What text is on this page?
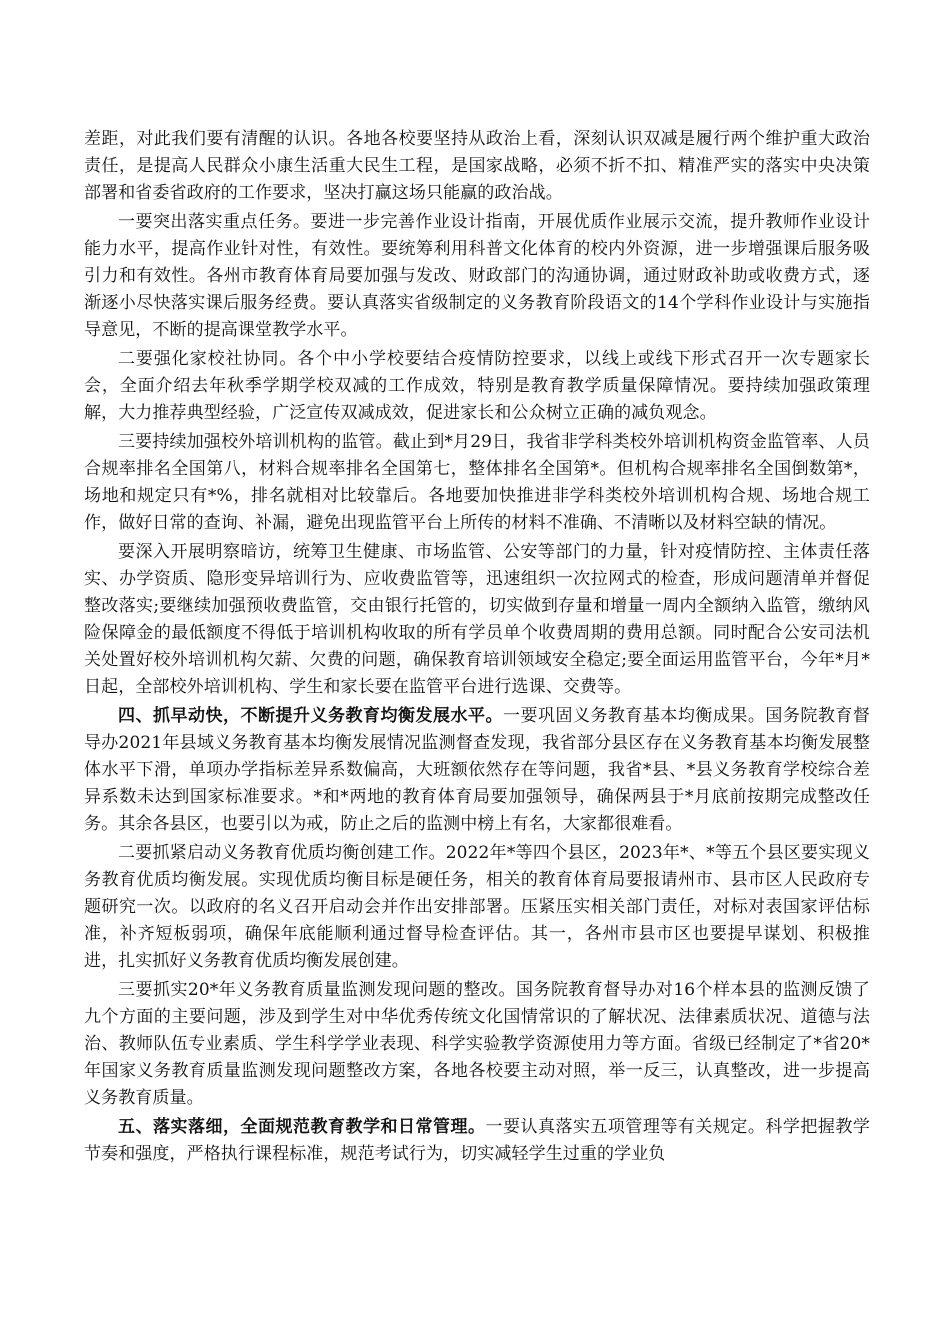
差距，对此我们要有清醒的认识。各地各校要坚持从政治上看，深刻认识双减是履行两个维护重大政治责任，是提高人民群众小康生活重大民生工程，是国家战略，必须不折不扣、精准严实的落实中央决策部署和省委省政府的工作要求，坚决打赢这场只能赢的政治战。

一要突出落实重点任务。要进一步完善作业设计指南，开展优质作业展示交流，提升教师作业设计能力水平，提高作业针对性，有效性。要统筹利用科普文化体育的校内外资源，进一步增强课后服务吸引力和有效性。各州市教育体育局要加强与发改、财政部门的沟通协调，通过财政补助或收费方式，逐渐逐小尽快落实课后服务经费。要认真落实省级制定的义务教育阶段语文的14个学科作业设计与实施指导意见，不断的提高课堂教学水平。

二要强化家校社协同。各个中小学校要结合疫情防控要求，以线上或线下形式召开一次专题家长会，全面介绍去年秋季学期学校双减的工作成效，特别是教育教学质量保障情况。要持续加强政策理解，大力推荐典型经验，广泛宣传双减成效，促进家长和公众树立正确的减负观念。

三要持续加强校外培训机构的监管。截止到*月29日，我省非学科类校外培训机构资金监管率、人员合规率排名全国第八，材料合规率排名全国第七，整体排名全国第*。但机构合规率排名全国倒数第*，场地和规定只有*%，排名就相对比较靠后。各地要加快推进非学科类校外培训机构合规、场地合规工作，做好日常的查询、补漏，避免出现监管平台上所传的材料不准确、不清晰以及材料空缺的情况。

要深入开展明察暗访，统筹卫生健康、市场监管、公安等部门的力量，针对疫情防控、主体责任落实、办学资质、隐形变异培训行为、应收费监管等，迅速组织一次拉网式的检查，形成问题清单并督促整改落实;要继续加强预收费监管，交由银行托管的，切实做到存量和增量一周内全额纳入监管，缴纳风险保障金的最低额度不得低于培训机构收取的所有学员单个收费周期的费用总额。同时配合公安司法机关处置好校外培训机构欠薪、欠费的问题，确保教育培训领域安全稳定;要全面运用监管平台，今年*月*日起，全部校外培训机构、学生和家长要在监管平台进行选课、交费等。

四、抓早动快，不断提升义务教育均衡发展水平。一要巩固义务教育基本均衡成果。国务院教育督导办2021年县域义务教育基本均衡发展情况监测督查发现，我省部分县区存在义务教育基本均衡发展整体水平下滑，单项办学指标差异系数偏高，大班额依然存在等问题，我省*县、*县义务教育学校综合差异系数未达到国家标准要求。*和*两地的教育体育局要加强领导，确保两县于*月底前按期完成整改任务。其余各县区，也要引以为戒，防止之后的监测中榜上有名，大家都很难看。

二要抓紧启动义务教育优质均衡创建工作。2022年*等四个县区，2023年*、*等五个县区要实现义务教育优质均衡发展。实现优质均衡目标是硬任务，相关的教育体育局要报请州市、县市区人民政府专题研究一次。以政府的名义召开启动会并作出安排部署。压紧压实相关部门责任，对标对表国家评估标准，补齐短板弱项，确保年底能顺利通过督导检查评估。其一，各州市县市区也要提早谋划、积极推进，扎实抓好义务教育优质均衡发展创建。

三要抓实20*年义务教育质量监测发现问题的整改。国务院教育督导办对16个样本县的监测反馈了九个方面的主要问题，涉及到学生对中华优秀传统文化国情常识的了解状况、法律素质状况、道德与法治、教师队伍专业素质、学生科学学业表现、科学实验教学资源使用力等方面。省级已经制定了*省20*年国家义务教育质量监测发现问题整改方案，各地各校要主动对照，举一反三，认真整改，进一步提高义务教育质量。

五、落实落细，全面规范教育教学和日常管理。一要认真落实五项管理等有关规定。科学把握教学节奏和强度，严格执行课程标准，规范考试行为，切实减轻学生过重的学业负
